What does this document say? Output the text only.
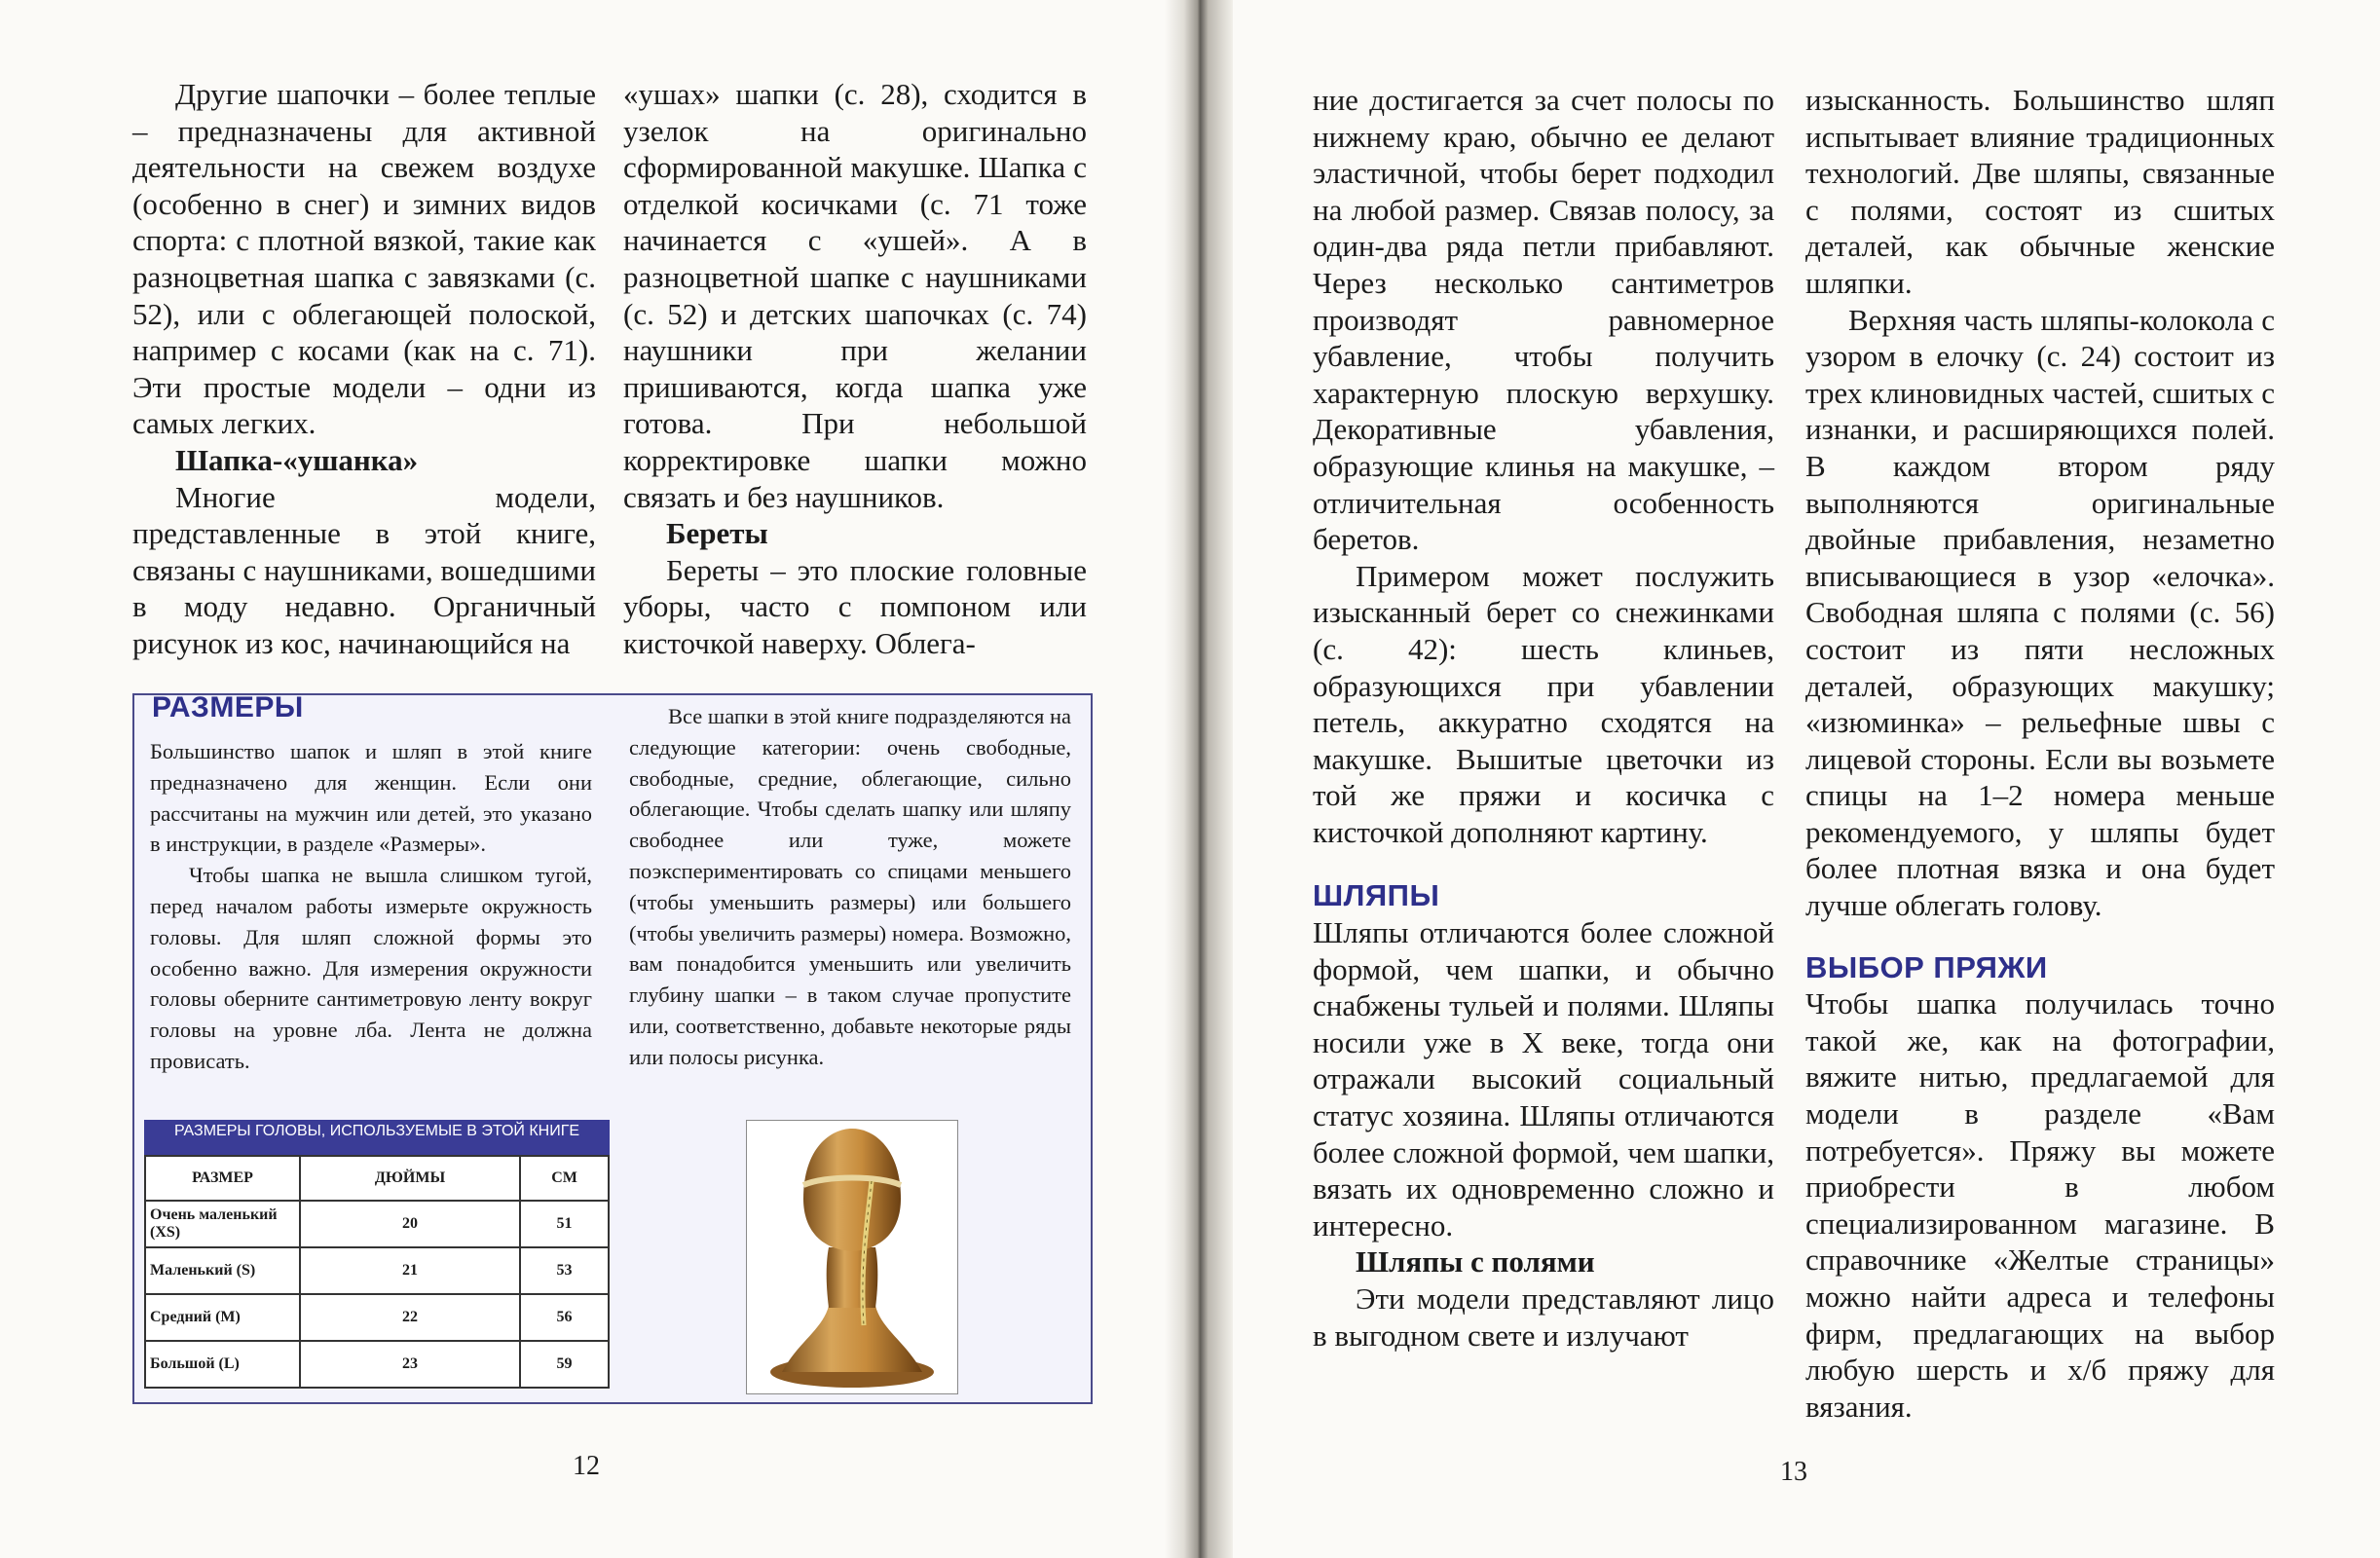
Другие шапочки – более теплые – предназначены для активной деятельности на свежем воздухе (особенно в снег) и зимних видов спорта: с плотной вязкой, такие как разноцветная шапка с завязками (с. 52), или с облегающей полоской, например с косами (как на с. 71). Эти простые модели – одни из самых легких.

Шапка-«ушанка»

Многие модели, представленные в этой книге, связаны с наушниками, вошедшими в моду недавно. Органичный рисунок из кос, начинающийся на

«ушах» шапки (с. 28), сходится в узелок на оригинально сформированной макушке. Шапка с отделкой косичками (с. 71 тоже начинается с «ушей». А в разноцветной шапке с наушниками (с. 52) и детских шапочках (с. 74) наушники при желании пришиваются, когда шапка уже готова. При небольшой корректировке шапки можно связать и без наушников.

Береты

Береты – это плоские головные уборы, часто с помпоном или кисточкой наверху. Облега-

РАЗМЕРЫ

Большинство шапок и шляп в этой книге предназначено для женщин. Если они рассчитаны на мужчин или детей, это указано в инструкции, в разделе «Размеры».

Чтобы шапка не вышла слишком тугой, перед началом работы измерьте окружность головы. Для шляп сложной формы это особенно важно. Для измерения окружности головы оберните сантиметровую ленту вокруг головы на уровне лба. Лента не должна провисать.

Все шапки в этой книге подразделяются на следующие категории: очень свободные, свободные, средние, облегающие, сильно облегающие. Чтобы сделать шапку или шляпу свободнее или туже, можете поэкспериментировать со спицами меньшего (чтобы уменьшить размеры) или большего (чтобы увеличить размеры) номера. Возможно, вам понадобится уменьшить или увеличить глубину шапки – в таком случае пропустите или, соответственно, добавьте некоторые ряды или полосы рисунка.

РАЗМЕРЫ ГОЛОВЫ, ИСПОЛЬЗУЕМЫЕ В ЭТОЙ КНИГЕ
РАЗМЕР	ДЮЙМЫ	СМ
Очень маленький (XS)	20	51
Маленький (S)	21	53
Средний (М)	22	56
Большой (L)	23	59
12

ние достигается за счет полосы по нижнему краю, обычно ее делают эластичной, чтобы берет подходил на любой размер. Связав полосу, за один-два ряда петли прибавляют. Через несколько сантиметров производят равномерное убавление, чтобы получить характерную плоскую верхушку. Декоративные убавления, образующие клинья на макушке, – отличительная особенность беретов.

Примером может послужить изысканный берет со снежинками (с. 42): шесть клиньев, образующихся при убавлении петель, аккуратно сходятся на макушке. Вышитые цветочки из той же пряжи и косичка с кисточкой дополняют картину.

ШЛЯПЫ

Шляпы отличаются более сложной формой, чем шапки, и обычно снабжены тульей и полями. Шляпы носили уже в X веке, тогда они отражали высокий социальный статус хозяина. Шляпы отличаются более сложной формой, чем шапки, вязать их одновременно сложно и интересно.

Шляпы с полями

Эти модели представляют лицо в выгодном свете и излучают

изысканность. Большинство шляп испытывает влияние традиционных технологий. Две шляпы, связанные с полями, состоят из сшитых деталей, как обычные женские шляпки.

Верхняя часть шляпы-колокола с узором в елочку (с. 24) состоит из трех клиновидных частей, сшитых с изнанки, и расширяющихся полей. В каждом втором ряду выполняются оригинальные двойные прибавления, незаметно вписывающиеся в узор «елочка». Свободная шляпа с полями (с. 56) состоит из пяти несложных деталей, образующих макушку; «изюминка» – рельефные швы с лицевой стороны. Если вы возьмете спицы на 1–2 номера меньше рекомендуемого, у шляпы будет более плотная вязка и она будет лучше облегать голову.

ВЫБОР ПРЯЖИ

Чтобы шапка получилась точно такой же, как на фотографии, вяжите нитью, предлагаемой для модели в разделе «Вам потребуется». Пряжу вы можете приобрести в любом специализированном магазине. В справочнике «Желтые страницы» можно найти адреса и телефоны фирм, предлагающих на выбор любую шерсть и х/б пряжу для вязания.

13
